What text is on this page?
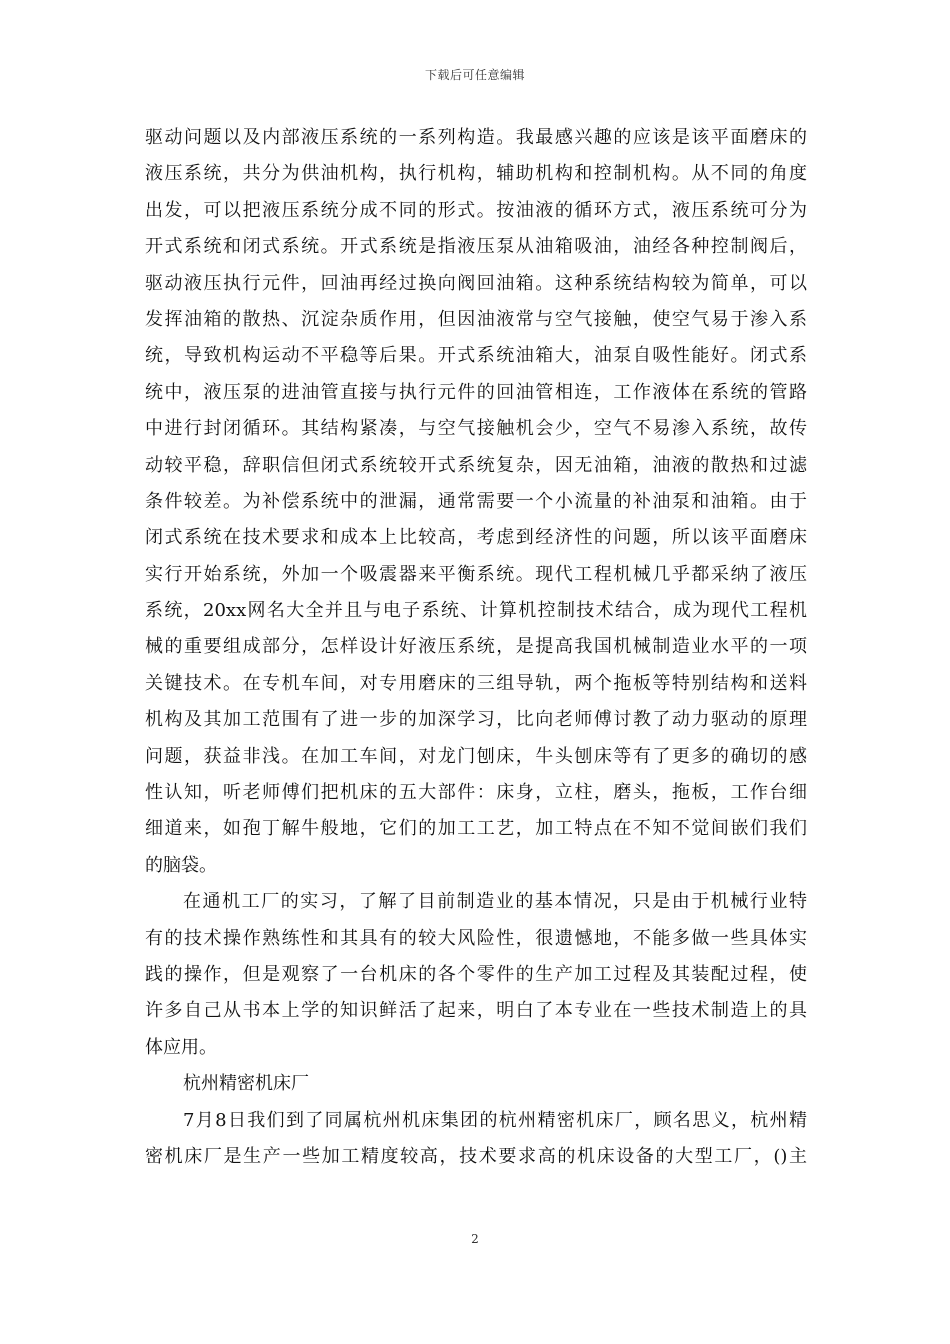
下载后可任意编辑
驱动问题以及内部液压系统的一系列构造。我最感兴趣的应该是该平面磨床的
液压系统，共分为供油机构，执行机构，辅助机构和控制机构。从不同的角度
出发，可以把液压系统分成不同的形式。按油液的循环方式，液压系统可分为
开式系统和闭式系统。开式系统是指液压泵从油箱吸油，油经各种控制阀后，
驱动液压执行元件，回油再经过换向阀回油箱。这种系统结构较为简单，可以
发挥油箱的散热、沉淀杂质作用，但因油液常与空气接触，使空气易于渗入系
统，导致机构运动不平稳等后果。开式系统油箱大，油泵自吸性能好。闭式系
统中，液压泵的进油管直接与执行元件的回油管相连，工作液体在系统的管路
中进行封闭循环。其结构紧凑，与空气接触机会少，空气不易渗入系统，故传
动较平稳，辞职信但闭式系统较开式系统复杂，因无油箱，油液的散热和过滤
条件较差。为补偿系统中的泄漏，通常需要一个小流量的补油泵和油箱。由于
闭式系统在技术要求和成本上比较高，考虑到经济性的问题，所以该平面磨床
实行开始系统，外加一个吸震器来平衡系统。现代工程机械几乎都采纳了液压
系统，20xx网名大全并且与电子系统、计算机控制技术结合，成为现代工程机
械的重要组成部分，怎样设计好液压系统，是提高我国机械制造业水平的一项
关键技术。在专机车间，对专用磨床的三组导轨，两个拖板等特别结构和送料
机构及其加工范围有了进一步的加深学习，比向老师傅讨教了动力驱动的原理
问题，获益非浅。在加工车间，对龙门刨床，牛头刨床等有了更多的确切的感
性认知，听老师傅们把机床的五大部件：床身，立柱，磨头，拖板，工作台细
细道来，如孢丁解牛般地，它们的加工工艺，加工特点在不知不觉间嵌们我们
的脑袋。
在通机工厂的实习，了解了目前制造业的基本情况，只是由于机械行业特
有的技术操作熟练性和其具有的较大风险性，很遗憾地，不能多做一些具体实
践的操作，但是观察了一台机床的各个零件的生产加工过程及其装配过程，使
许多自己从书本上学的知识鲜活了起来，明白了本专业在一些技术制造上的具
体应用。
杭州精密机床厂
7月8日我们到了同属杭州机床集团的杭州精密机床厂，顾名思义，杭州精
密机床厂是生产一些加工精度较高，技术要求高的机床设备的大型工厂，()主
2
